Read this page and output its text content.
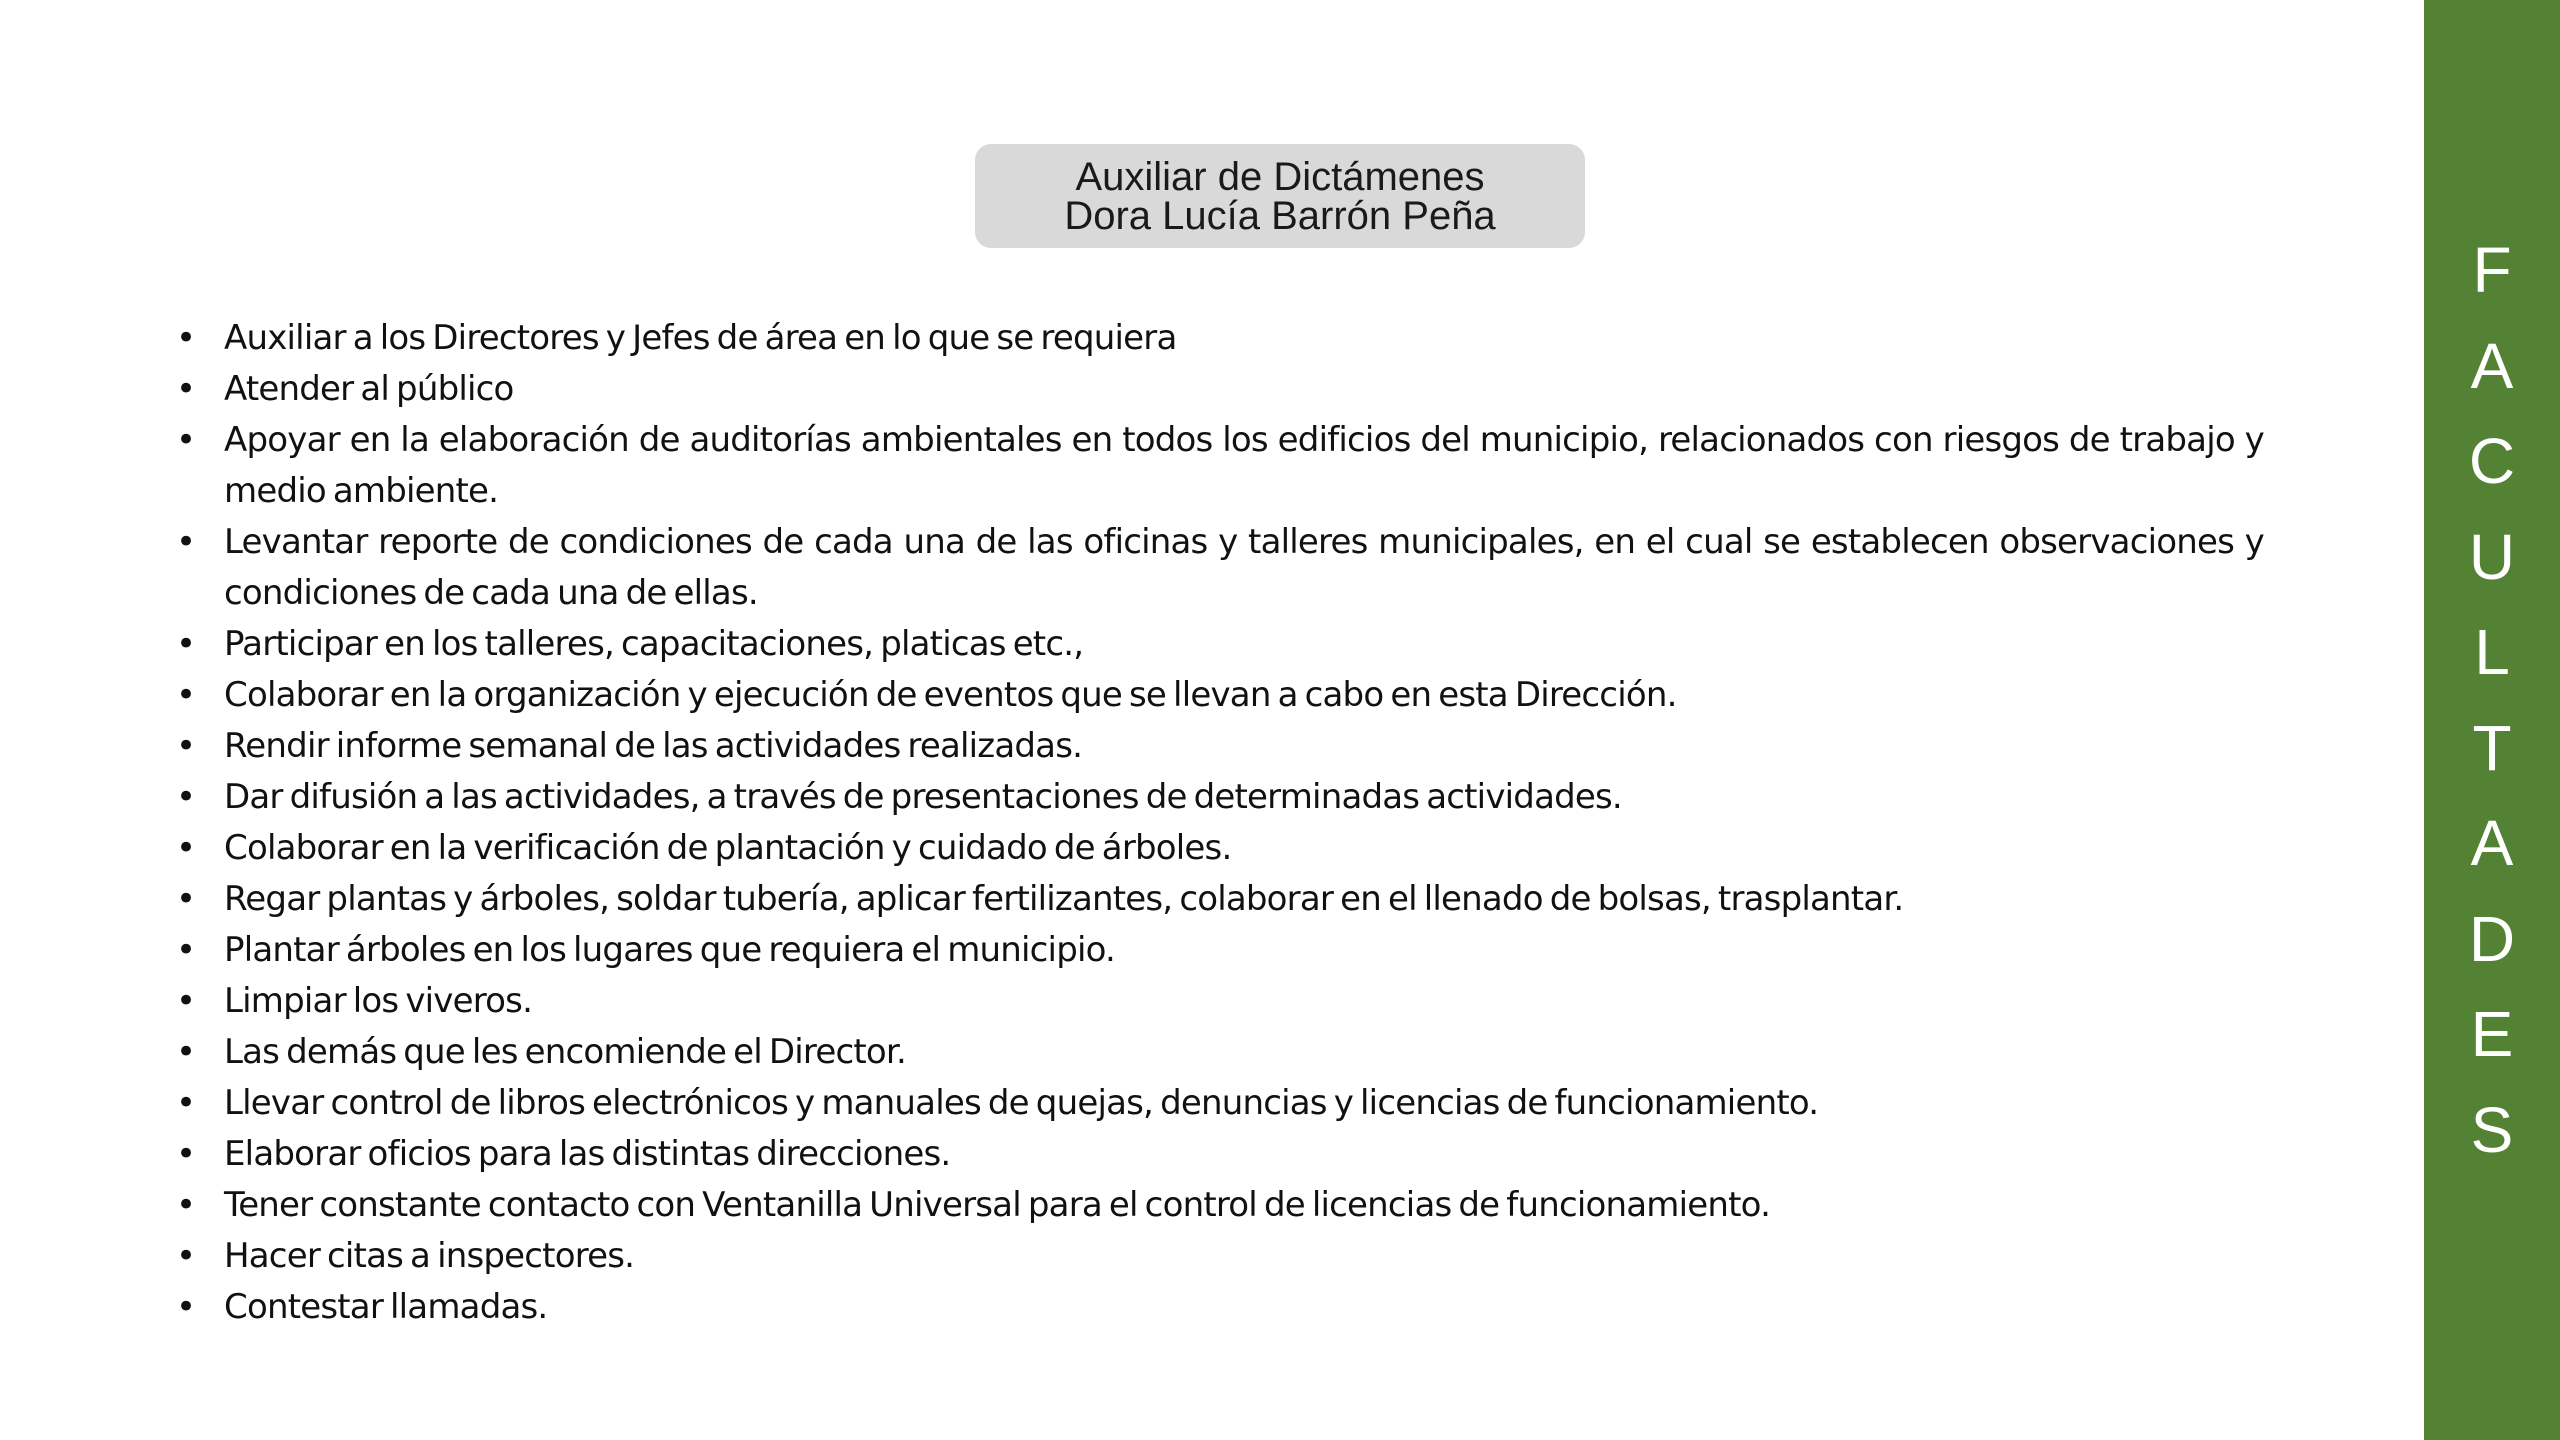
Auxiliar de Dictámenes
Dora Lucía Barrón Peña
• Auxiliar a los Directores y Jefes de área en lo que se requiera
• Atender al público
• Apoyar en la elaboración de auditorías ambientales en todos los edificios del municipio, relacionados con riesgos de trabajo y medio ambiente.
• Levantar reporte de condiciones de cada una de las oficinas y talleres municipales, en el cual se establecen observaciones y condiciones de cada una de ellas.
• Participar en los talleres, capacitaciones, platicas etc.,
• Colaborar en la organización y ejecución de eventos que se llevan a cabo en esta Dirección.
• Rendir informe semanal de las actividades realizadas.
• Dar difusión a las actividades, a través de presentaciones de determinadas actividades.
• Colaborar en la verificación de plantación y cuidado de árboles.
• Regar plantas y árboles, soldar tubería, aplicar fertilizantes, colaborar en el llenado de bolsas, trasplantar.
• Plantar árboles en los lugares que requiera el municipio.
• Limpiar los viveros.
• Las demás que les encomiende el Director.
• Llevar control de libros electrónicos y manuales de quejas, denuncias y licencias de funcionamiento.
• Elaborar oficios para las distintas direcciones.
• Tener constante contacto con Ventanilla Universal para el control de licencias de funcionamiento.
• Hacer citas a inspectores.
• Contestar llamadas.
F
A
C
U
L
T
A
D
E
S
